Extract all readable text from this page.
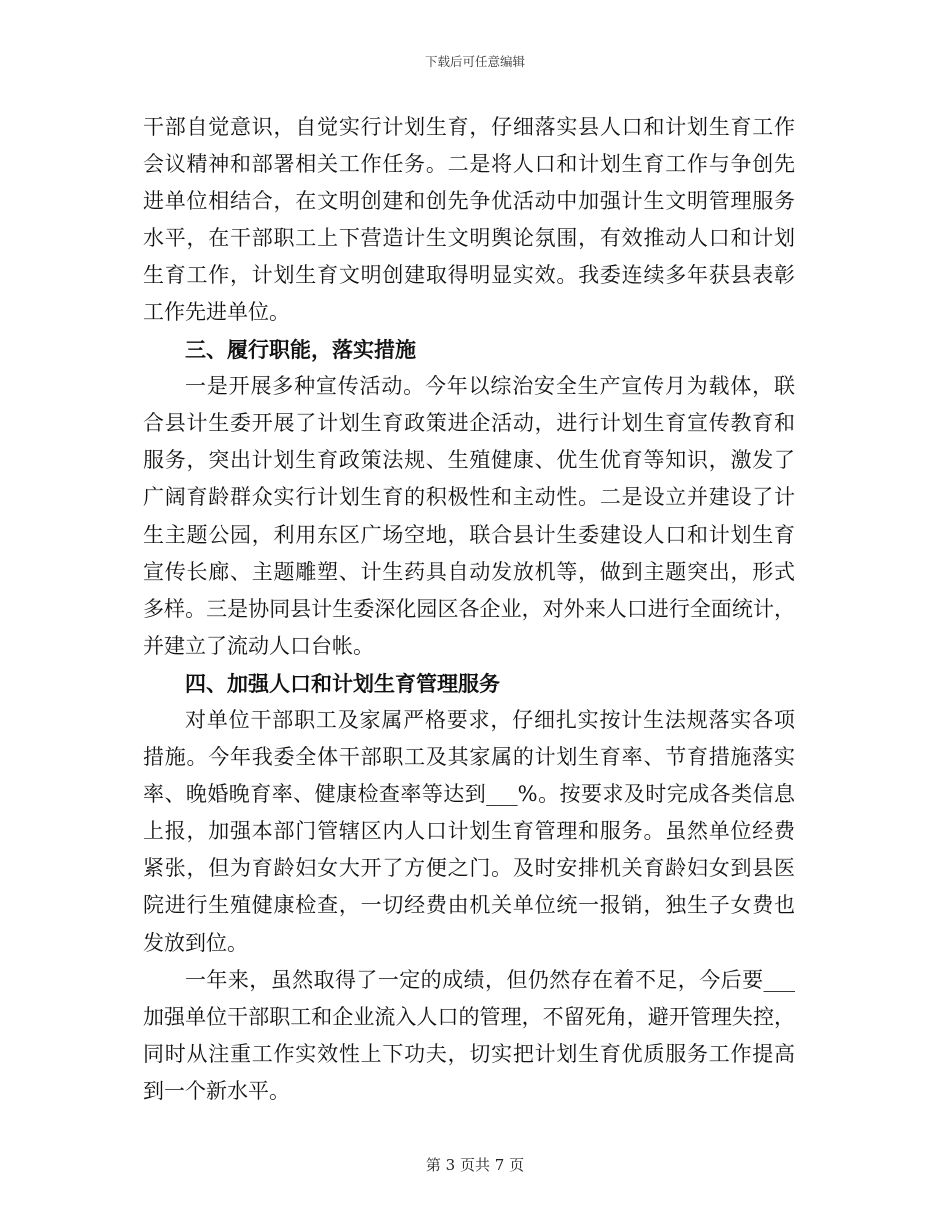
下载后可任意编辑
干部自觉意识，自觉实行计划生育，仔细落实县人口和计划生育工作
会议精神和部署相关工作任务。二是将人口和计划生育工作与争创先
进单位相结合，在文明创建和创先争优活动中加强计生文明管理服务
水平，在干部职工上下营造计生文明舆论氛围，有效推动人口和计划
生育工作，计划生育文明创建取得明显实效。我委连续多年获县表彰
工作先进单位。
三、履行职能，落实措施
一是开展多种宣传活动。今年以综治安全生产宣传月为载体，联
合县计生委开展了计划生育政策进企活动，进行计划生育宣传教育和
服务，突出计划生育政策法规、生殖健康、优生优育等知识，激发了
广阔育龄群众实行计划生育的积极性和主动性。二是设立并建设了计
生主题公园，利用东区广场空地，联合县计生委建设人口和计划生育
宣传长廊、主题雕塑、计生药具自动发放机等，做到主题突出，形式
多样。三是协同县计生委深化园区各企业，对外来人口进行全面统计，
并建立了流动人口台帐。
四、加强人口和计划生育管理服务
对单位干部职工及家属严格要求，仔细扎实按计生法规落实各项
措施。今年我委全体干部职工及其家属的计划生育率、节育措施落实
率、晚婚晚育率、健康检查率等达到___%。按要求及时完成各类信息
上报，加强本部门管辖区内人口计划生育管理和服务。虽然单位经费
紧张，但为育龄妇女大开了方便之门。及时安排机关育龄妇女到县医
院进行生殖健康检查，一切经费由机关单位统一报销，独生子女费也
发放到位。
一年来，虽然取得了一定的成绩，但仍然存在着不足，今后要___
加强单位干部职工和企业流入人口的管理，不留死角，避开管理失控，
同时从注重工作实效性上下功夫，切实把计划生育优质服务工作提高
到一个新水平。
第 3 页共 7 页
